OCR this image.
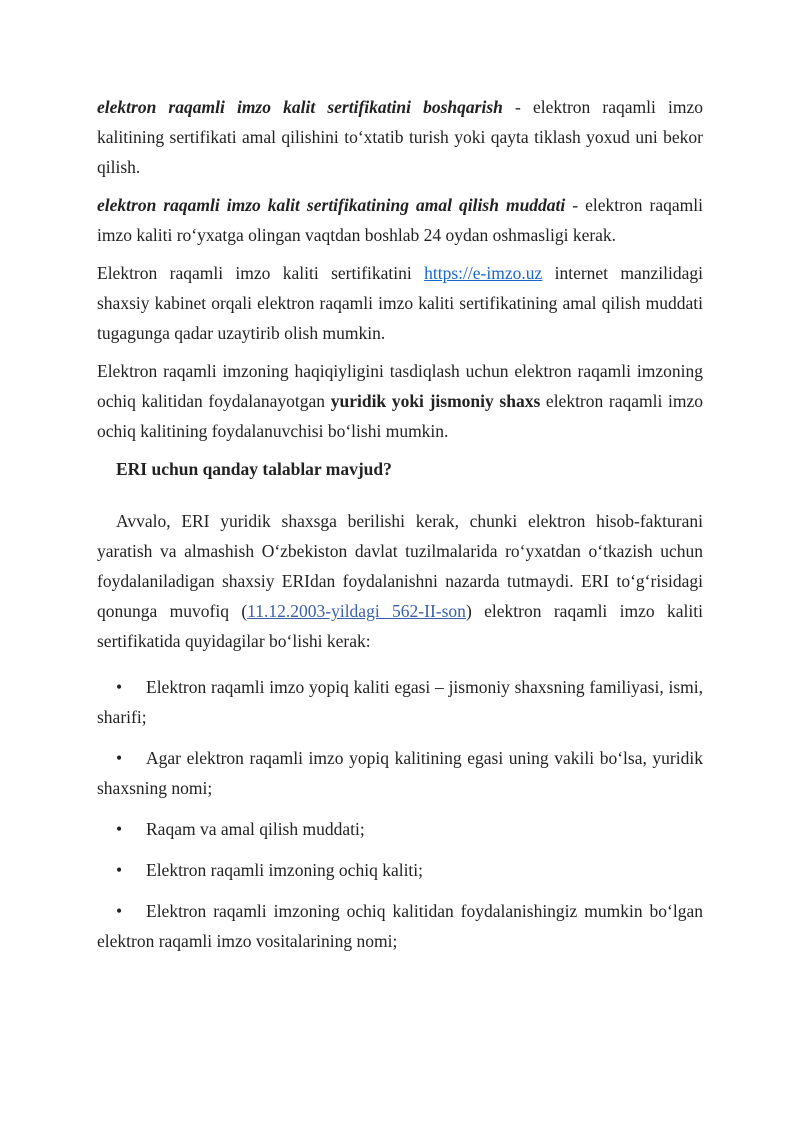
elektron raqamli imzo kalit sertifikatini boshqarish - elektron raqamli imzo kalitining sertifikati amal qilishini to‘xtatib turish yoki qayta tiklash yoxud uni bekor qilish.

elektron raqamli imzo kalit sertifikatining amal qilish muddati - elektron raqamli imzo kaliti ro‘yxatga olingan vaqtdan boshlab 24 oydan oshmasligi kerak.

Elektron raqamli imzo kaliti sertifikatini https://e-imzo.uz internet manzilidagi shaxsiy kabinet orqali elektron raqamli imzo kaliti sertifikatining amal qilish muddati tugagunga qadar uzaytirib olish mumkin.

Elektron raqamli imzoning haqiqiyligini tasdiqlash uchun elektron raqamli imzoning ochiq kalitidan foydalanayotgan yuridik yoki jismoniy shaxs elektron raqamli imzo ochiq kalitining foydalanuvchisi bo‘lishi mumkin.

ERI uchun qanday talablar mavjud?

Avvalo, ERI yuridik shaxsga berilishi kerak, chunki elektron hisob-fakturani yaratish va almashish O‘zbekiston davlat tuzilmalarida ro‘yxatdan o‘tkazish uchun foydalaniladigan shaxsiy ERIdan foydalanishni nazarda tutmaydi. ERI to‘g‘risidagi qonunga muvofiq (11.12.2003-yildagi 562-II-son) elektron raqamli imzo kaliti sertifikatida quyidagilar bo‘lishi kerak:

• Elektron raqamli imzo yopiq kaliti egasi – jismoniy shaxsning familiyasi, ismi, sharifi;

• Agar elektron raqamli imzo yopiq kalitining egasi uning vakili bo‘lsa, yuridik shaxsning nomi;

• Raqam va amal qilish muddati;

• Elektron raqamli imzoning ochiq kaliti;

• Elektron raqamli imzoning ochiq kalitidan foydalanishingiz mumkin bo‘lgan elektron raqamli imzo vositalarining nomi;
